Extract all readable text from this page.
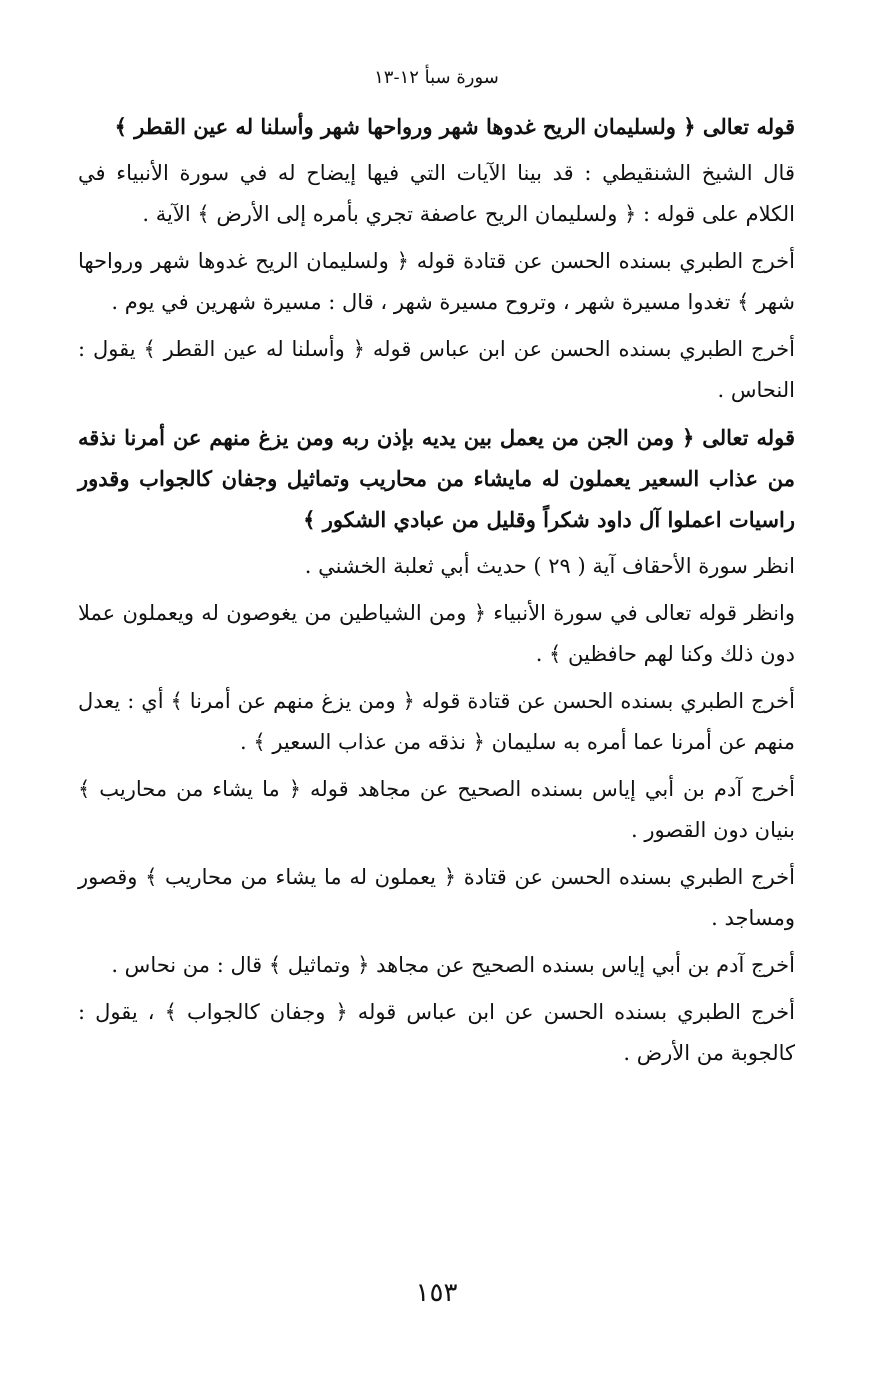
سورة سبأ ١٢-١٣

قوله تعالى ﴿ ولسليمان الريح غدوها شهر ورواحها شهر وأسلنا له عين القطر ﴾

قال الشيخ الشنقيطي : قد بينا الآيات التي فيها إيضاح له في سورة الأنبياء في الكلام على قوله : ﴿ ولسليمان الريح عاصفة تجري بأمره إلى الأرض ﴾ الآية .

أخرج الطبري بسنده الحسن عن قتادة قوله ﴿ ولسليمان الريح غدوها شهر ورواحها شهر ﴾ تغدوا مسيرة شهر ، وتروح مسيرة شهر ، قال : مسيرة شهرين في يوم .

أخرج الطبري بسنده الحسن عن ابن عباس قوله ﴿ وأسلنا له عين القطر ﴾ يقول : النحاس .

قوله تعالى ﴿ ومن الجن من يعمل بين يديه بإذن ربه ومن يزغ منهم عن أمرنا نذقه من عذاب السعير يعملون له مايشاء من محاريب وتماثيل وجفان كالجواب وقدور راسيات اعملوا آل داود شكراً وقليل من عبادي الشكور ﴾

انظر سورة الأحقاف آية ( ٢٩ ) حديث أبي ثعلبة الخشني .

وانظر قوله تعالى في سورة الأنبياء ﴿ ومن الشياطين من يغوصون له ويعملون عملا دون ذلك وكنا لهم حافظين ﴾ .

أخرج الطبري بسنده الحسن عن قتادة قوله ﴿ ومن يزغ منهم عن أمرنا ﴾ أي : يعدل منهم عن أمرنا عما أمره به سليمان ﴿ نذقه من عذاب السعير ﴾ .

أخرج آدم بن أبي إياس بسنده الصحيح عن مجاهد قوله ﴿ ما يشاء من محاريب ﴾ بنيان دون القصور .

أخرج الطبري بسنده الحسن عن قتادة ﴿ يعملون له ما يشاء من محاريب ﴾ وقصور ومساجد .

أخرج آدم بن أبي إياس بسنده الصحيح عن مجاهد ﴿ وتماثيل ﴾ قال : من نحاس .

أخرج الطبري بسنده الحسن عن ابن عباس قوله ﴿ وجفان كالجواب ﴾ ، يقول : كالجوبة من الأرض .

١٥٣
